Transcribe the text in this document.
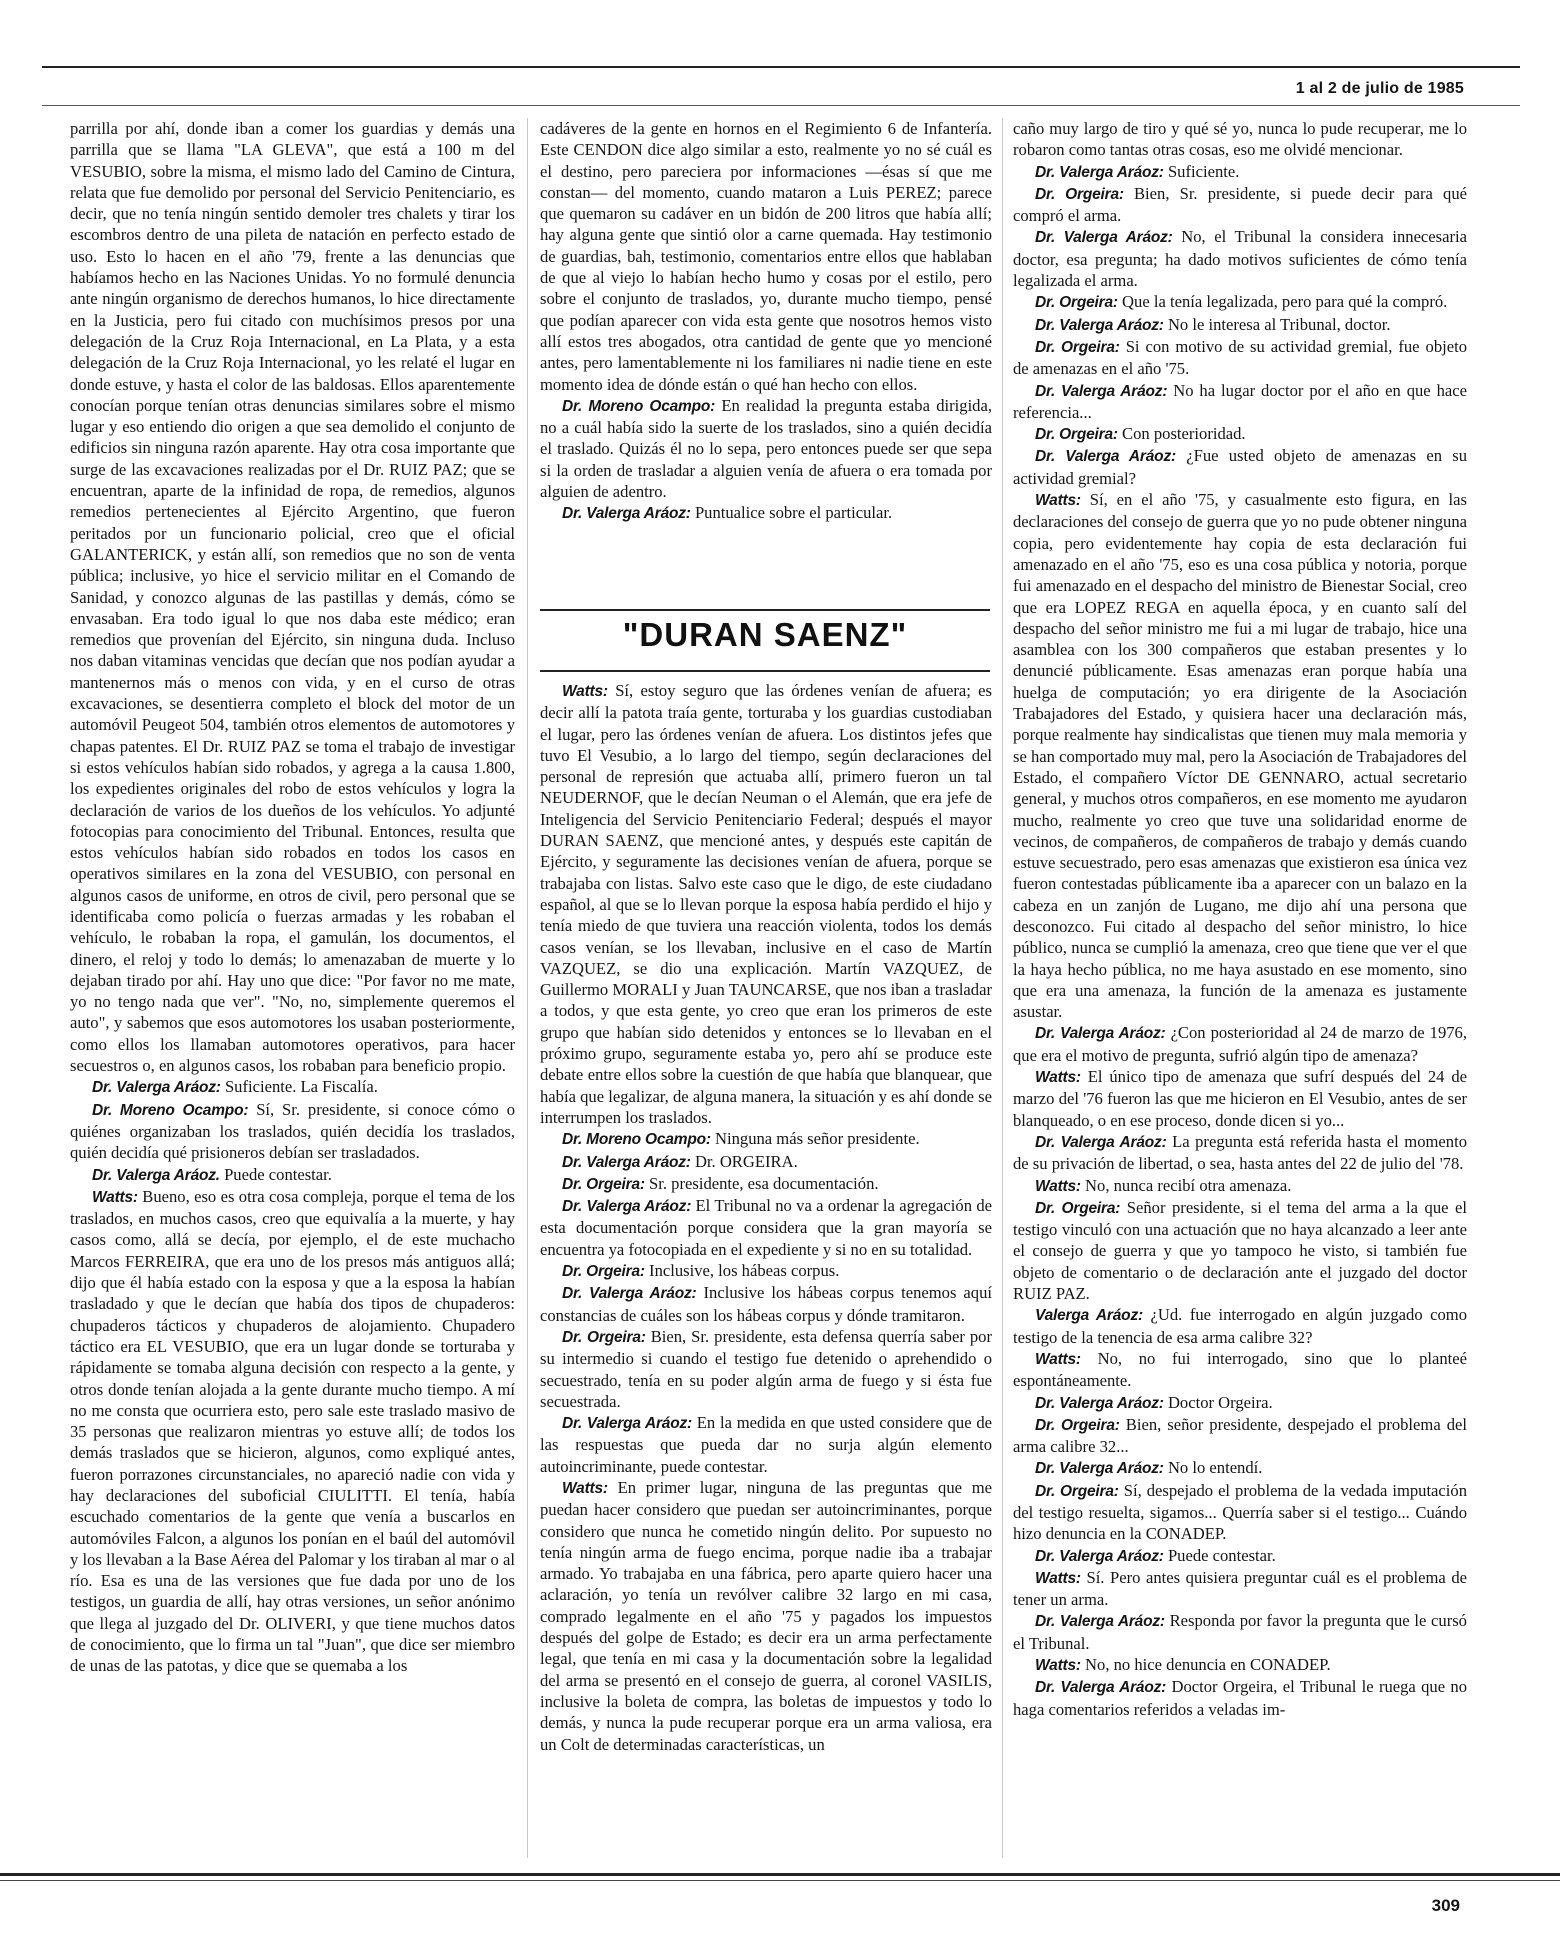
1 al 2 de julio de 1985

parrilla por ahí, donde iban a comer los guardias y demás una parrilla que se llama "LA GLEVA", que está a 100 m del VESUBIO, sobre la misma, el mismo lado del Camino de Cintura, relata que fue demolido por personal del Servicio Penitenciario, es decir, que no tenía ningún sentido demoler tres chalets y tirar los escombros dentro de una pileta de natación en perfecto estado de uso. Esto lo hacen en el año '79, frente a las denuncias que habíamos hecho en las Naciones Unidas. Yo no formulé denuncia ante ningún organismo de derechos humanos, lo hice directamente en la Justicia, pero fui citado con muchísimos presos por una delegación de la Cruz Roja Internacional, en La Plata, y a esta delegación de la Cruz Roja Internacional, yo les relaté el lugar en donde estuve, y hasta el color de las baldosas. Ellos aparentemente conocían porque tenían otras denuncias similares sobre el mismo lugar y eso entiendo dio origen a que sea demolido el conjunto de edificios sin ninguna razón aparente. Hay otra cosa importante que surge de las excavaciones realizadas por el Dr. RUIZ PAZ; que se encuentran, aparte de la infinidad de ropa, de remedios, algunos remedios pertenecientes al Ejército Argentino, que fueron peritados por un funcionario policial, creo que el oficial GALANTERICK, y están allí, son remedios que no son de venta pública; inclusive, yo hice el servicio militar en el Comando de Sanidad, y conozco algunas de las pastillas y demás, cómo se envasaban. Era todo igual lo que nos daba este médico; eran remedios que provenían del Ejército, sin ninguna duda. Incluso nos daban vitaminas vencidas que decían que nos podían ayudar a mantenernos más o menos con vida, y en el curso de otras excavaciones, se desentierra completo el block del motor de un automóvil Peugeot 504, también otros elementos de automotores y chapas patentes. El Dr. RUIZ PAZ se toma el trabajo de investigar si estos vehículos habían sido robados, y agrega a la causa 1.800, los expedientes originales del robo de estos vehículos y logra la declaración de varios de los dueños de los vehículos. Yo adjunté fotocopias para conocimiento del Tribunal. Entonces, resulta que estos vehículos habían sido robados en todos los casos en operativos similares en la zona del VESUBIO, con personal en algunos casos de uniforme, en otros de civil, pero personal que se identificaba como policía o fuerzas armadas y les robaban el vehículo, le robaban la ropa, el gamulán, los documentos, el dinero, el reloj y todo lo demás; lo amenazaban de muerte y lo dejaban tirado por ahí. Hay uno que dice: "Por favor no me mate, yo no tengo nada que ver". "No, no, simplemente queremos el auto", y sabemos que esos automotores los usaban posteriormente, como ellos los llamaban automotores operativos, para hacer secuestros o, en algunos casos, los robaban para beneficio propio.

Dr. Valerga Aráoz: Suficiente. La Fiscalía.

Dr. Moreno Ocampo: Sí, Sr. presidente, si conoce cómo o quiénes organizaban los traslados, quién decidía los traslados, quién decidía qué prisioneros debían ser trasladados.

Dr. Valerga Aráoz. Puede contestar.

Watts: Bueno, eso es otra cosa compleja, porque el tema de los traslados, en muchos casos, creo que equivalía a la muerte, y hay casos como, allá se decía, por ejemplo, el de este muchacho Marcos FERREIRA, que era uno de los presos más antiguos allá; dijo que él había estado con la esposa y que a la esposa la habían trasladado y que le decían que había dos tipos de chupaderos: chupaderos tácticos y chupaderos de alojamiento. Chupadero táctico era EL VESUBIO, que era un lugar donde se torturaba y rápidamente se tomaba alguna decisión con respecto a la gente, y otros donde tenían alojada a la gente durante mucho tiempo. A mí no me consta que ocurriera esto, pero sale este traslado masivo de 35 personas que realizaron mientras yo estuve allí; de todos los demás traslados que se hicieron, algunos, como expliqué antes, fueron porrazones circunstanciales, no apareció nadie con vida y hay declaraciones del suboficial CIULITTI. El tenía, había escuchado comentarios de la gente que venía a buscarlos en automóviles Falcon, a algunos los ponían en el baúl del automóvil y los llevaban a la Base Aérea del Palomar y los tiraban al mar o al río. Esa es una de las versiones que fue dada por uno de los testigos, un guardia de allí, hay otras versiones, un señor anónimo que llega al juzgado del Dr. OLIVERI, y que tiene muchos datos de conocimiento, que lo firma un tal "Juan", que dice ser miembro de unas de las patotas, y dice que se quemaba a los

cadáveres de la gente en hornos en el Regimiento 6 de Infantería. Este CENDON dice algo similar a esto, realmente yo no sé cuál es el destino, pero pareciera por informaciones —ésas sí que me constan— del momento, cuando mataron a Luis PEREZ; parece que quemaron su cadáver en un bidón de 200 litros que había allí; hay alguna gente que sintió olor a carne quemada. Hay testimonio de guardias, bah, testimonio, comentarios entre ellos que hablaban de que al viejo lo habían hecho humo y cosas por el estilo, pero sobre el conjunto de traslados, yo, durante mucho tiempo, pensé que podían aparecer con vida esta gente que nosotros hemos visto allí estos tres abogados, otra cantidad de gente que yo mencioné antes, pero lamentablemente ni los familiares ni nadie tiene en este momento idea de dónde están o qué han hecho con ellos.

Dr. Moreno Ocampo: En realidad la pregunta estaba dirigida, no a cuál había sido la suerte de los traslados, sino a quién decidía el traslado. Quizás él no lo sepa, pero entonces puede ser que sepa si la orden de trasladar a alguien venía de afuera o era tomada por alguien de adentro.

Dr. Valerga Aráoz: Puntualice sobre el particular.

"DURAN SAENZ"

Watts: Sí, estoy seguro que las órdenes venían de afuera; es decir allí la patota traía gente, torturaba y los guardias custodiaban el lugar, pero las órdenes venían de afuera. Los distintos jefes que tuvo El Vesubio, a lo largo del tiempo, según declaraciones del personal de represión que actuaba allí, primero fueron un tal NEUDERNOF, que le decían Neuman o el Alemán, que era jefe de Inteligencia del Servicio Penitenciario Federal; después el mayor DURAN SAENZ, que mencioné antes, y después este capitán de Ejército, y seguramente las decisiones venían de afuera, porque se trabajaba con listas. Salvo este caso que le digo, de este ciudadano español, al que se lo llevan porque la esposa había perdido el hijo y tenía miedo de que tuviera una reacción violenta, todos los demás casos venían, se los llevaban, inclusive en el caso de Martín VAZQUEZ, se dio una explicación. Martín VAZQUEZ, de Guillermo MORALI y Juan TAUNCARSE, que nos iban a trasladar a todos, y que esta gente, yo creo que eran los primeros de este grupo que habían sido detenidos y entonces se lo llevaban en el próximo grupo, seguramente estaba yo, pero ahí se produce este debate entre ellos sobre la cuestión de que había que blanquear, que había que legalizar, de alguna manera, la situación y es ahí donde se interrumpen los traslados.

Dr. Moreno Ocampo: Ninguna más señor presidente.

Dr. Valerga Aráoz: Dr. ORGEIRA.

Dr. Orgeira: Sr. presidente, esa documentación.

Dr. Valerga Aráoz: El Tribunal no va a ordenar la agregación de esta documentación porque considera que la gran mayoría se encuentra ya fotocopiada en el expediente y si no en su totalidad.

Dr. Orgeira: Inclusive, los hábeas corpus.

Dr. Valerga Aráoz: Inclusive los hábeas corpus tenemos aquí constancias de cuáles son los hábeas corpus y dónde tramitaron.

Dr. Orgeira: Bien, Sr. presidente, esta defensa querría saber por su intermedio si cuando el testigo fue detenido o aprehendido o secuestrado, tenía en su poder algún arma de fuego y si ésta fue secuestrada.

Dr. Valerga Aráoz: En la medida en que usted considere que de las respuestas que pueda dar no surja algún elemento autoincriminante, puede contestar.

Watts: En primer lugar, ninguna de las preguntas que me puedan hacer considero que puedan ser autoincriminantes, porque considero que nunca he cometido ningún delito. Por supuesto no tenía ningún arma de fuego encima, porque nadie iba a trabajar armado. Yo trabajaba en una fábrica, pero aparte quiero hacer una aclaración, yo tenía un revólver calibre 32 largo en mi casa, comprado legalmente en el año '75 y pagados los impuestos después del golpe de Estado; es decir era un arma perfectamente legal, que tenía en mi casa y la documentación sobre la legalidad del arma se presentó en el consejo de guerra, al coronel VASILIS, inclusive la boleta de compra, las boletas de impuestos y todo lo demás, y nunca la pude recuperar porque era un arma valiosa, era un Colt de determinadas características, un

caño muy largo de tiro y qué sé yo, nunca lo pude recuperar, me lo robaron como tantas otras cosas, eso me olvidé mencionar.

Dr. Valerga Aráoz: Suficiente.

Dr. Orgeira: Bien, Sr. presidente, si puede decir para qué compró el arma.

Dr. Valerga Aráoz: No, el Tribunal la considera innecesaria doctor, esa pregunta; ha dado motivos suficientes de cómo tenía legalizada el arma.

Dr. Orgeira: Que la tenía legalizada, pero para qué la compró.

Dr. Valerga Aráoz: No le interesa al Tribunal, doctor.

Dr. Orgeira: Si con motivo de su actividad gremial, fue objeto de amenazas en el año '75.

Dr. Valerga Aráoz: No ha lugar doctor por el año en que hace referencia...

Dr. Orgeira: Con posterioridad.

Dr. Valerga Aráoz: ¿Fue usted objeto de amenazas en su actividad gremial?

Watts: Sí, en el año '75, y casualmente esto figura, en las declaraciones del consejo de guerra que yo no pude obtener ninguna copia, pero evidentemente hay copia de esta declaración fui amenazado en el año '75, eso es una cosa pública y notoria, porque fui amenazado en el despacho del ministro de Bienestar Social, creo que era LOPEZ REGA en aquella época, y en cuanto salí del despacho del señor ministro me fui a mi lugar de trabajo, hice una asamblea con los 300 compañeros que estaban presentes y lo denuncié públicamente. Esas amenazas eran porque había una huelga de computación; yo era dirigente de la Asociación Trabajadores del Estado, y quisiera hacer una declaración más, porque realmente hay sindicalistas que tienen muy mala memoria y se han comportado muy mal, pero la Asociación de Trabajadores del Estado, el compañero Víctor DE GENNARO, actual secretario general, y muchos otros compañeros, en ese momento me ayudaron mucho, realmente yo creo que tuve una solidaridad enorme de vecinos, de compañeros, de compañeros de trabajo y demás cuando estuve secuestrado, pero esas amenazas que existieron esa única vez fueron contestadas públicamente iba a aparecer con un balazo en la cabeza en un zanjón de Lugano, me dijo ahí una persona que desconozco. Fui citado al despacho del señor ministro, lo hice público, nunca se cumplió la amenaza, creo que tiene que ver el que la haya hecho pública, no me haya asustado en ese momento, sino que era una amenaza, la función de la amenaza es justamente asustar.

Dr. Valerga Aráoz: ¿Con posterioridad al 24 de marzo de 1976, que era el motivo de pregunta, sufrió algún tipo de amenaza?

Watts: El único tipo de amenaza que sufrí después del 24 de marzo del '76 fueron las que me hicieron en El Vesubio, antes de ser blanqueado, o en ese proceso, donde dicen si yo...

Dr. Valerga Aráoz: La pregunta está referida hasta el momento de su privación de libertad, o sea, hasta antes del 22 de julio del '78.

Watts: No, nunca recibí otra amenaza.

Dr. Orgeira: Señor presidente, si el tema del arma a la que el testigo vinculó con una actuación que no haya alcanzado a leer ante el consejo de guerra y que yo tampoco he visto, si también fue objeto de comentario o de declaración ante el juzgado del doctor RUIZ PAZ.

Valerga Aráoz: ¿Ud. fue interrogado en algún juzgado como testigo de la tenencia de esa arma calibre 32?

Watts: No, no fui interrogado, sino que lo planteé espontáneamente.

Dr. Valerga Aráoz: Doctor Orgeira.

Dr. Orgeira: Bien, señor presidente, despejado el problema del arma calibre 32...

Dr. Valerga Aráoz: No lo entendí.

Dr. Orgeira: Sí, despejado el problema de la vedada imputación del testigo resuelta, sigamos... Querría saber si el testigo... Cuándo hizo denuncia en la CONADEP.

Dr. Valerga Aráoz: Puede contestar.

Watts: Sí. Pero antes quisiera preguntar cuál es el problema de tener un arma.

Dr. Valerga Aráoz: Responda por favor la pregunta que le cursó el Tribunal.

Watts: No, no hice denuncia en CONADEP.

Dr. Valerga Aráoz: Doctor Orgeira, el Tribunal le ruega que no haga comentarios referidos a veladas im-

309
